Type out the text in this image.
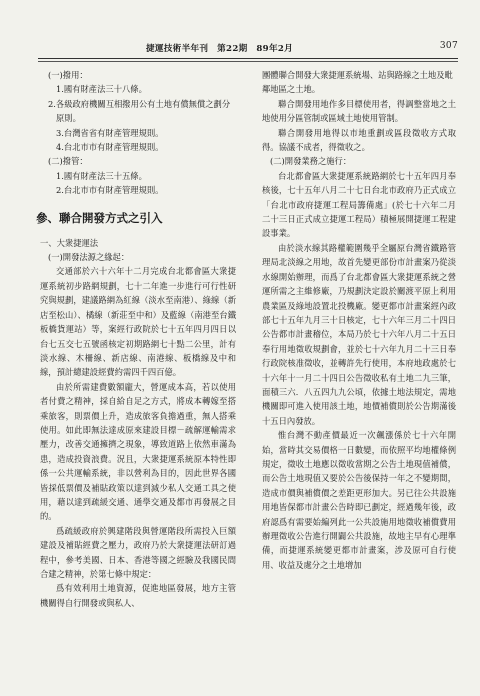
捷運技術半年刊　第22期　89年2月	307

(一)撥用：

1.國有財產法三十八條。

2.各級政府機關互相撥用公有土地有償無償之劃分原則。

3.台灣省省有財產管理規則。

4.台北市市有財產管理規則。

(二)撥管：

1.國有財產法三十五條。

2.台北市市有財產管理規則。

參、聯合開發方式之引入

一、大衆捷運法

(一)開發法源之緣起：

交通部於六十六年十二月完成台北都會區大衆捷運系統初步路網規劃，七十二年進一步進行可行性研究與規劃，建議路網為紅線（淡水至南港）、綠線（新店至松山）、橘線（新莊至中和）及藍線（南港至台鐵板橋貨運站）等，案經行政院於七十五年四月四日以台七五交七五號函核定初期路網七十點二公里，計有淡水線、木柵線、新店線、南港線、板橋線及中和線，預計總建設經費約需四千四百億。

由於所需建費數額龐大，營運成本高，若以使用者付費之精神，採自給自足之方式，將成本轉嫁至搭乘旅客，則票價上升，造成旅客負擔過重，無人搭乘使用。如此即無法達成原來建設目標－疏解運輸需求壓力，改善交通擁擠之現象，導致道路上依然車滿為患，造成投資浪費。況且，大衆捷運系統原本特性即係一公共運輸系統，非以營利為目的，因此世界各國皆採低票價及補貼政策以達到減少私人交通工具之使用，藉以達到疏緩交通、通學交通及都市再發展之目的。

爲疏緩政府於興建階段與營運階段所需投入巨額建設及補貼經費之壓力，政府乃於大衆捷運法研訂過程中，參考美國、日本、香港等國之經驗及我國民間合建之精神，於第七條中規定：

爲有效利用土地資源，促進地區發展，地方主管機關得自行開發或與私人、

團體聯合開發大衆捷運系統場、站與路線之土地及毗鄰地區之土地。

聯合開發用地作多目標使用者，得調整當地之土地使用分區管制或區域土地使用管制。

聯合開發用地得以市地重劃或區段徵收方式取得。協議不成者，得徵收之。

(二)開發業務之施行：

台北都會區大衆捷運系統路網於七十五年四月奉核後，七十五年八月二十七日台北市政府乃正式成立「台北市政府捷運工程局籌備處」(於七十六年二月二十三日正式成立捷運工程局）積極展開捷運工程建設事業。

由於淡水線其路權範圍幾乎全屬原台灣省鐵路管理局北淡線之用地，故首先變更部份市計畫案乃從淡水線開始辦理，而爲了台北都會區大衆捷運系統之營運所需之主維修廠，乃規劃決定設於關渡平原上利用農業區及綠地設置北投機廠。變更都市計畫案經內政部七十五年九月三十日核定，七十六年三月二十四日公告都市計畫稽位，本局乃於七十六年八月二十五日奉行用地徵收規劃會，並於七十六年九月二十三日奉行政院核准徵收，並轉許先行使用，本府地政處於七十六年十一月二十四日公告徵收私有土地二九三筆，面積三六．八五四九九公頃，依據土地法規定，需地機關即可進入使用該土地，地價補償則於公告期滿後十五日內發放。

惟台灣不動產價最近一次飆漲係於七十六年開始，當時其交易價格一日數變，而依照平均地權條例規定，徵收土地應以徵收當期之公告土地現值補償，而公告土地現值又要於公告後保持一年之不變期間，造成市價與補償價之差距更形加大。另已往公共設施用地皆保都市計畫公告時即已劃定，經過幾年後，政府認爲有需要始編列此一公共設施用地徵收補償費用辦理徵收公告進行開闢公共設施，故地主早有心理準備，而捷運系統變更都市計畫案，涉及原可自行使用、收益及處分之土地增加
